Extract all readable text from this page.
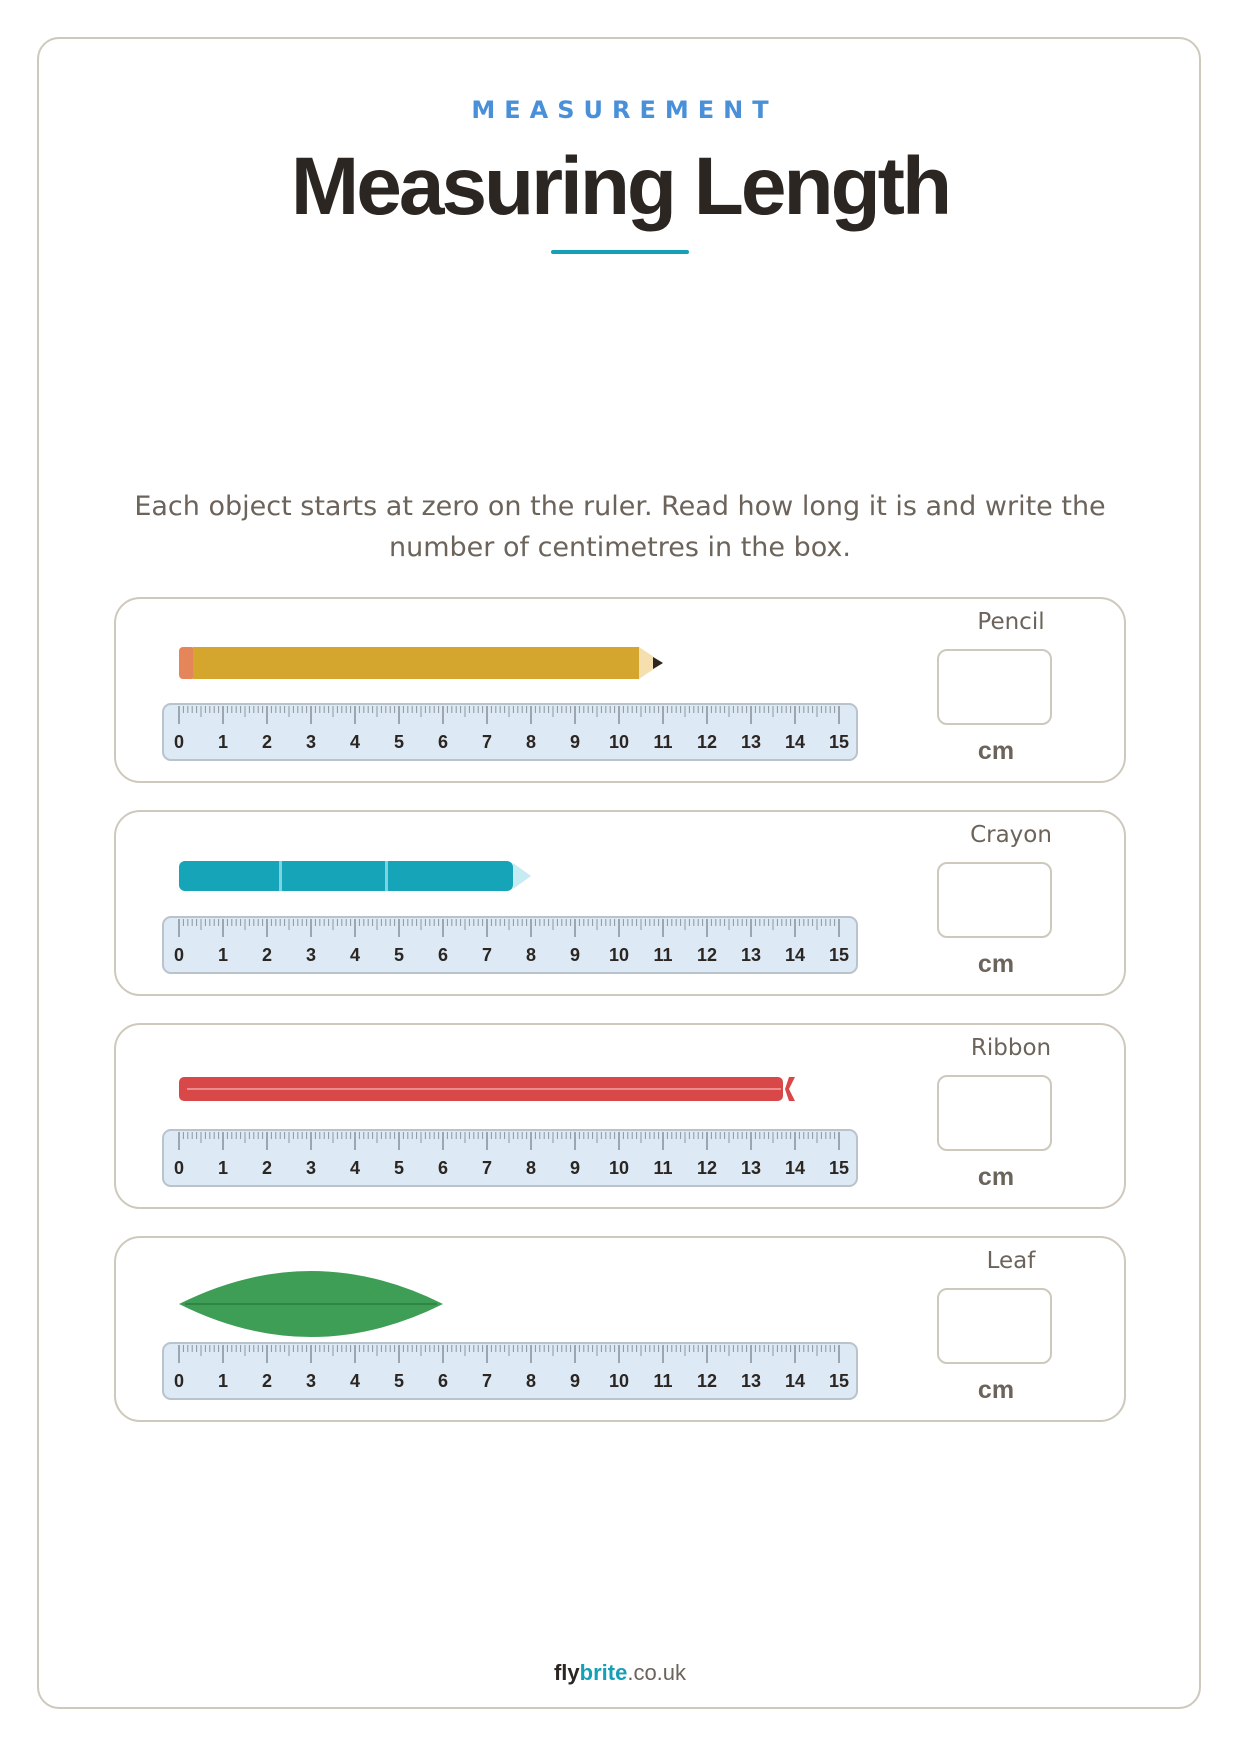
MEASUREMENT
Measuring Length
Each object starts at zero on the ruler. Read how long it is and write the number of centimetres in the box.
0 1 2 3 4 5 6 7 8 9 10 11 12 13 14 15
Pencil
cm
0 1 2 3 4 5 6 7 8 9 10 11 12 13 14 15
Crayon
cm
0 1 2 3 4 5 6 7 8 9 10 11 12 13 14 15
Ribbon
cm
0 1 2 3 4 5 6 7 8 9 10 11 12 13 14 15
Leaf
cm
flybrite.co.uk
